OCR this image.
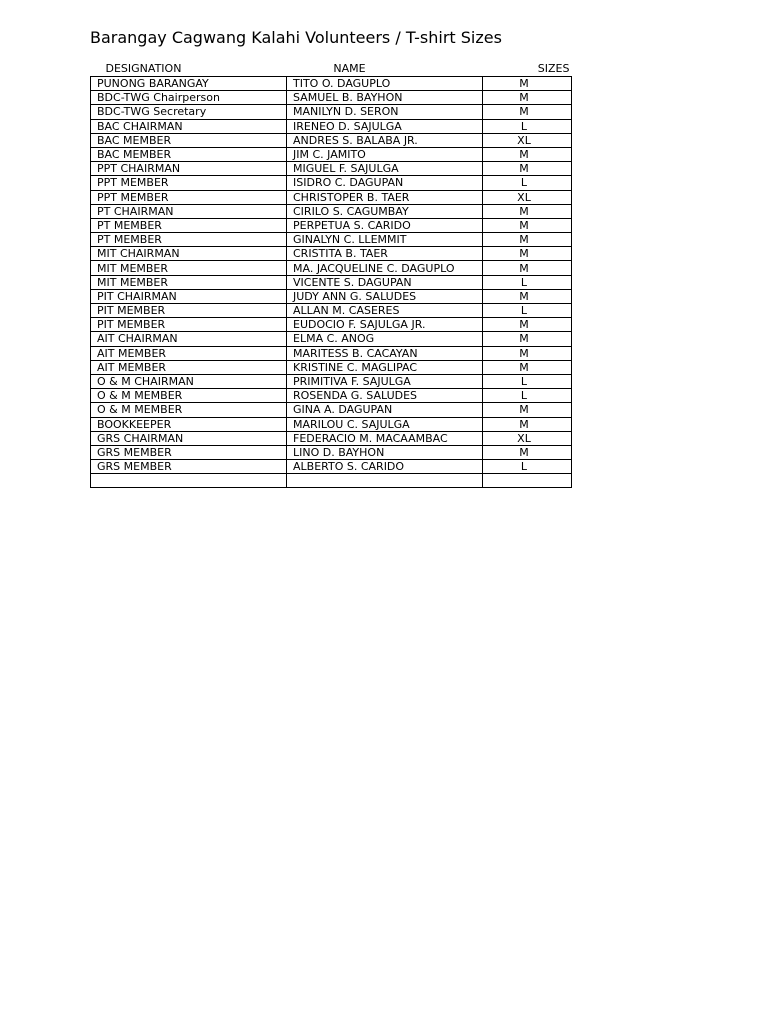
Barangay Cagwang Kalahi Volunteers / T-shirt Sizes
DESIGNATION	NAME	SIZES
PUNONG BARANGAY	TITO O. DAGUPLO	M
BDC-TWG Chairperson	SAMUEL B. BAYHON	M
BDC-TWG Secretary	MANILYN D. SERON	M
BAC CHAIRMAN	IRENEO D. SAJULGA	L
BAC MEMBER	ANDRES S. BALABA JR.	XL
BAC MEMBER	JIM C. JAMITO	M
PPT CHAIRMAN	MIGUEL F. SAJULGA	M
PPT MEMBER	ISIDRO C. DAGUPAN	L
PPT MEMBER	CHRISTOPER B. TAER	XL
PT CHAIRMAN	CIRILO S. CAGUMBAY	M
PT MEMBER	PERPETUA S. CARIDO	M
PT MEMBER	GINALYN C. LLEMMIT	M
MIT CHAIRMAN	CRISTITA B. TAER	M
MIT MEMBER	MA. JACQUELINE C. DAGUPLO	M
MIT MEMBER	VICENTE S. DAGUPAN	L
PIT CHAIRMAN	JUDY ANN G. SALUDES	M
PIT MEMBER	ALLAN M. CASERES	L
PIT MEMBER	EUDOCIO F. SAJULGA JR.	M
AIT CHAIRMAN	ELMA C. ANOG	M
AIT MEMBER	MARITESS B. CACAYAN	M
AIT MEMBER	KRISTINE C. MAGLIPAC	M
O & M CHAIRMAN	PRIMITIVA F. SAJULGA	L
O & M MEMBER	ROSENDA G. SALUDES	L
O & M MEMBER	GINA A. DAGUPAN	M
BOOKKEEPER	MARILOU C. SAJULGA	M
GRS CHAIRMAN	FEDERACIO M. MACAAMBAC	XL
GRS MEMBER	LINO D. BAYHON	M
GRS MEMBER	ALBERTO S. CARIDO	L
